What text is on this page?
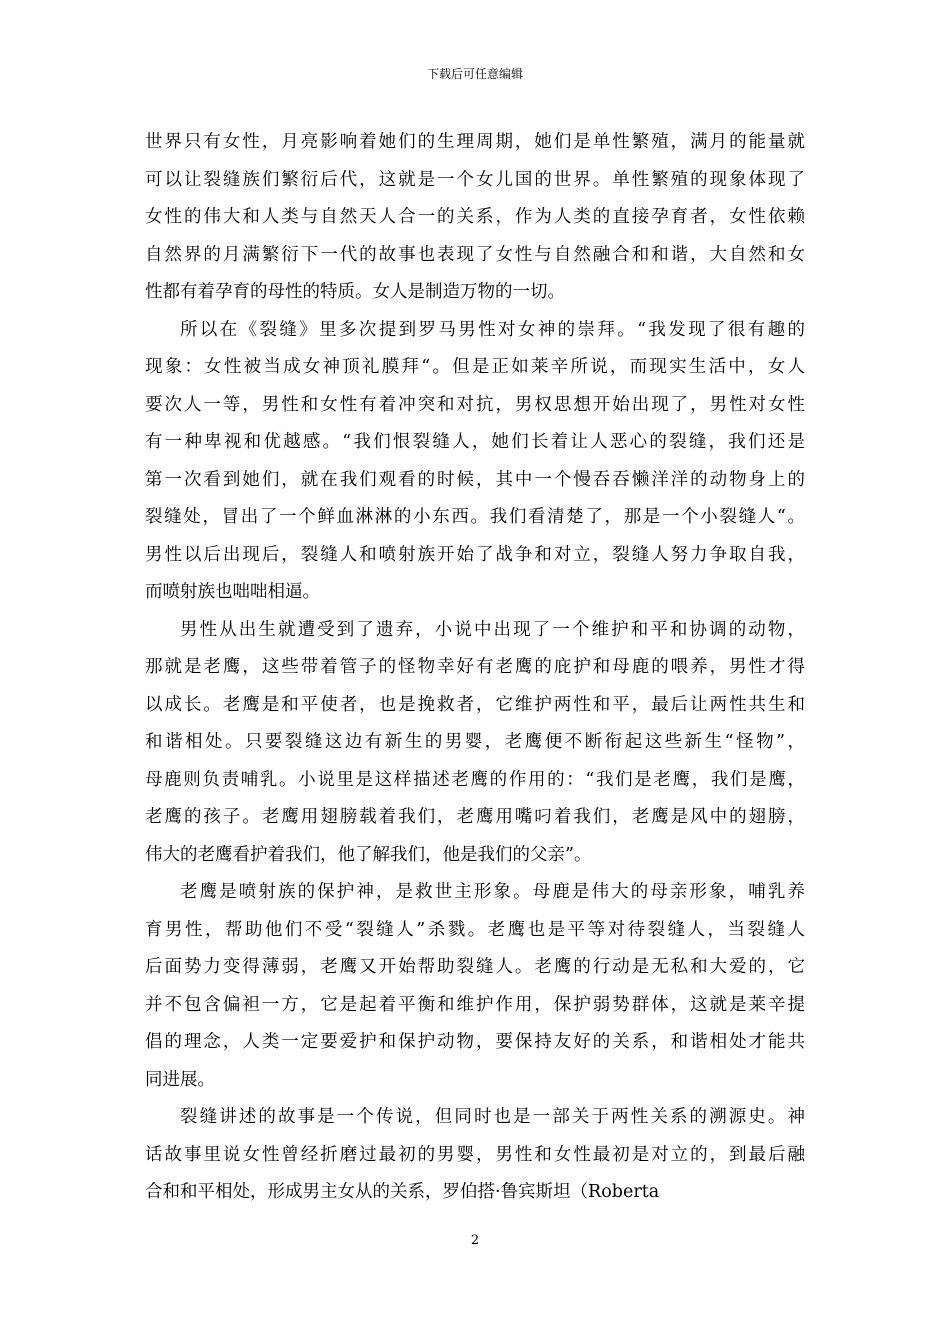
下载后可任意编辑
世界只有女性，月亮影响着她们的生理周期，她们是单性繁殖，满月的能量就
可以让裂缝族们繁衍后代，这就是一个女儿国的世界。单性繁殖的现象体现了
女性的伟大和人类与自然天人合一的关系，作为人类的直接孕育者，女性依赖
自然界的月满繁衍下一代的故事也表现了女性与自然融合和和谐，大自然和女
性都有着孕育的母性的特质。女人是制造万物的一切。
所以在《裂缝》里多次提到罗马男性对女神的崇拜。“我发现了很有趣的
现象：女性被当成女神顶礼膜拜“。但是正如莱辛所说，而现实生活中，女人
要次人一等，男性和女性有着冲突和对抗，男权思想开始出现了，男性对女性
有一种卑视和优越感。“我们恨裂缝人，她们长着让人恶心的裂缝，我们还是
第一次看到她们，就在我们观看的时候，其中一个慢吞吞懒洋洋的动物身上的
裂缝处，冒出了一个鲜血淋淋的小东西。我们看清楚了，那是一个小裂缝人“。
男性以后出现后，裂缝人和喷射族开始了战争和对立，裂缝人努力争取自我，
而喷射族也咄咄相逼。
男性从出生就遭受到了遗弃，小说中出现了一个维护和平和协调的动物，
那就是老鹰，这些带着管子的怪物幸好有老鹰的庇护和母鹿的喂养，男性才得
以成长。老鹰是和平使者，也是挽救者，它维护两性和平，最后让两性共生和
和谐相处。只要裂缝这边有新生的男婴，老鹰便不断衔起这些新生“怪物”，
母鹿则负责哺乳。小说里是这样描述老鹰的作用的：“我们是老鹰，我们是鹰，
老鹰的孩子。老鹰用翅膀载着我们，老鹰用嘴叼着我们，老鹰是风中的翅膀，
伟大的老鹰看护着我们，他了解我们，他是我们的父亲”。
老鹰是喷射族的保护神，是救世主形象。母鹿是伟大的母亲形象，哺乳养
育男性，帮助他们不受“裂缝人”杀戮。老鹰也是平等对待裂缝人，当裂缝人
后面势力变得薄弱，老鹰又开始帮助裂缝人。老鹰的行动是无私和大爱的，它
并不包含偏袒一方，它是起着平衡和维护作用，保护弱势群体，这就是莱辛提
倡的理念，人类一定要爱护和保护动物，要保持友好的关系，和谐相处才能共
同进展。
裂缝讲述的故事是一个传说，但同时也是一部关于两性关系的溯源史。神
话故事里说女性曾经折磨过最初的男婴，男性和女性最初是对立的，到最后融
合和和平相处，形成男主女从的关系，罗伯搭·鲁宾斯坦（Roberta
2
